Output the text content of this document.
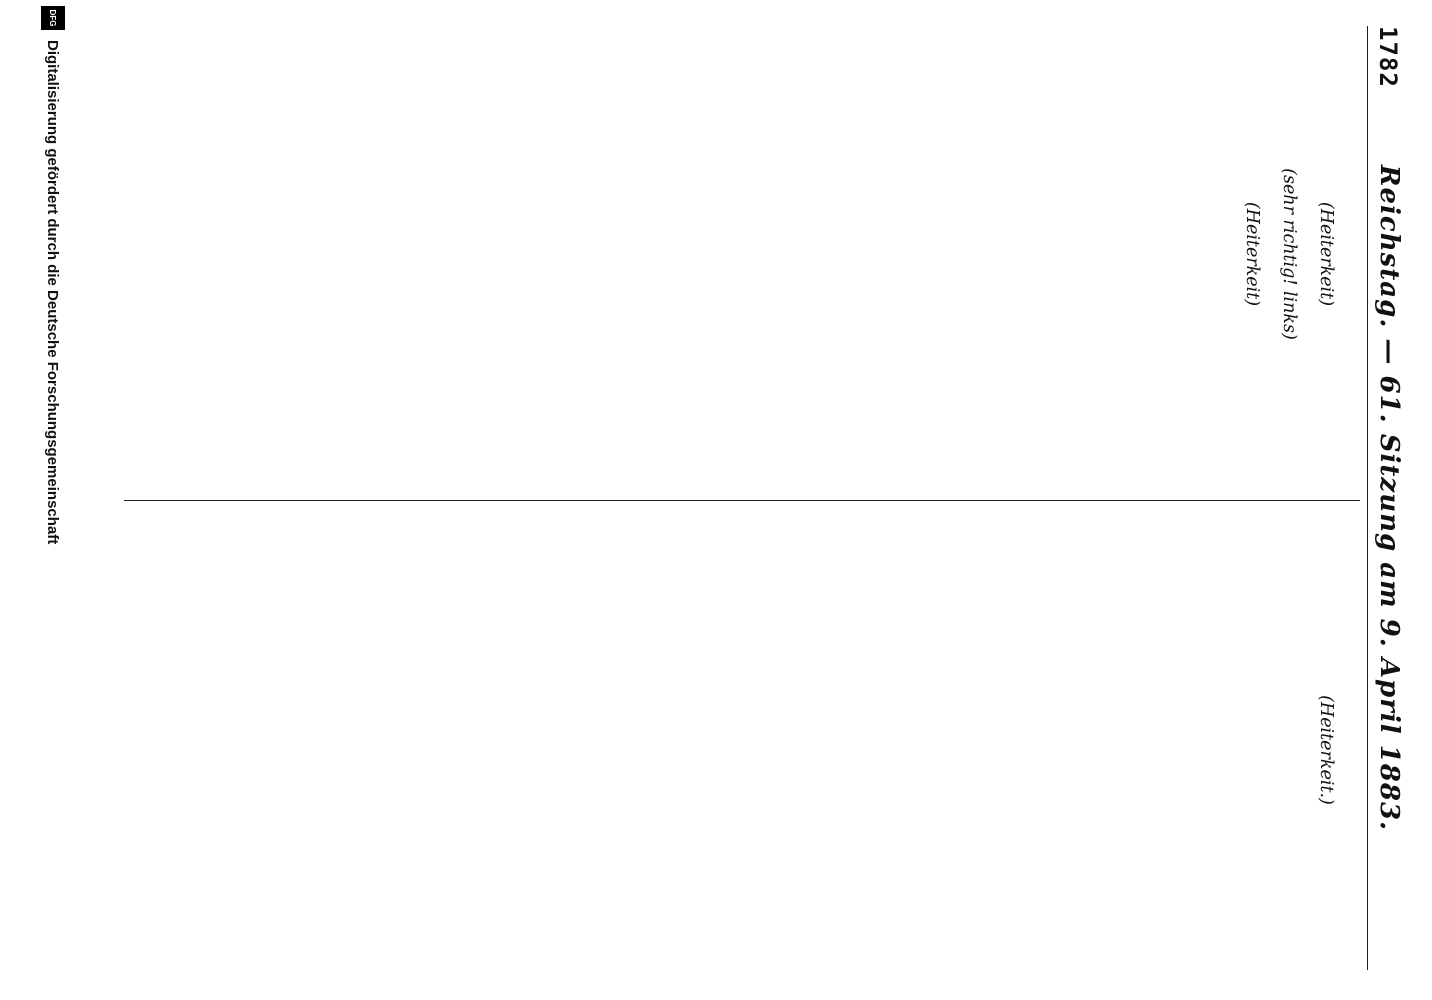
1782
Reichstag. — 61. Sitzung am 9. April 1883.

(Heiterkeit)

(sehr richtig! links)

(Heiterkeit)

(Heiterkeit.)

DFG
Digitalisierung gefördert durch die Deutsche Forschungsgemeinschaft
